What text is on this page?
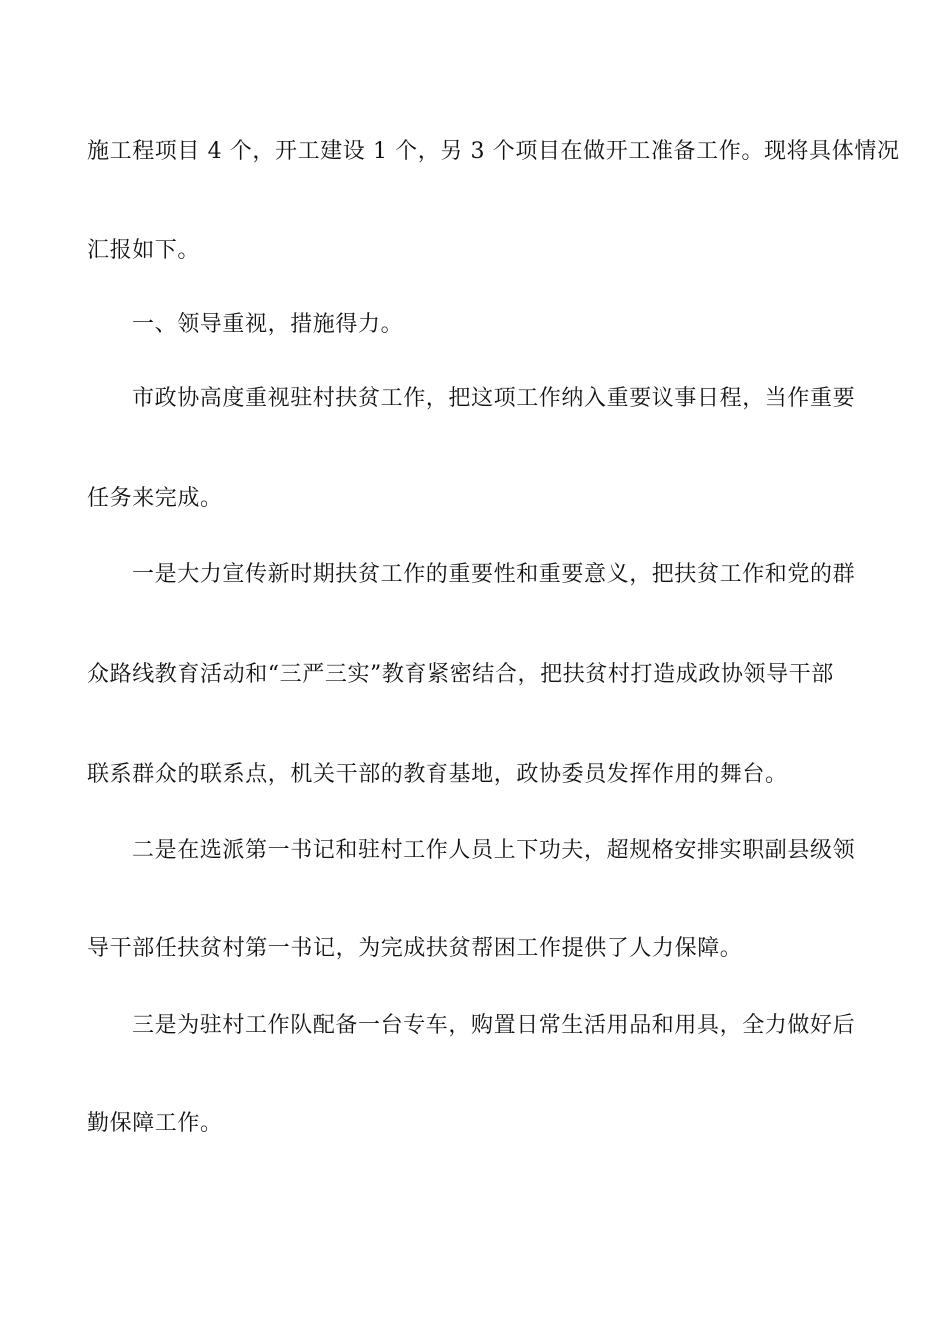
施工程项目 4 个，开工建设 1 个，另 3 个项目在做开工准备工作。现将具体情况
汇报如下。
一、领导重视，措施得力。
市政协高度重视驻村扶贫工作，把这项工作纳入重要议事日程，当作重要
任务来完成。
一是大力宣传新时期扶贫工作的重要性和重要意义，把扶贫工作和党的群
众路线教育活动和“三严三实”教育紧密结合，把扶贫村打造成政协领导干部
联系群众的联系点，机关干部的教育基地，政协委员发挥作用的舞台。
二是在选派第一书记和驻村工作人员上下功夫，超规格安排实职副县级领
导干部任扶贫村第一书记，为完成扶贫帮困工作提供了人力保障。
三是为驻村工作队配备一台专车，购置日常生活用品和用具，全力做好后
勤保障工作。
